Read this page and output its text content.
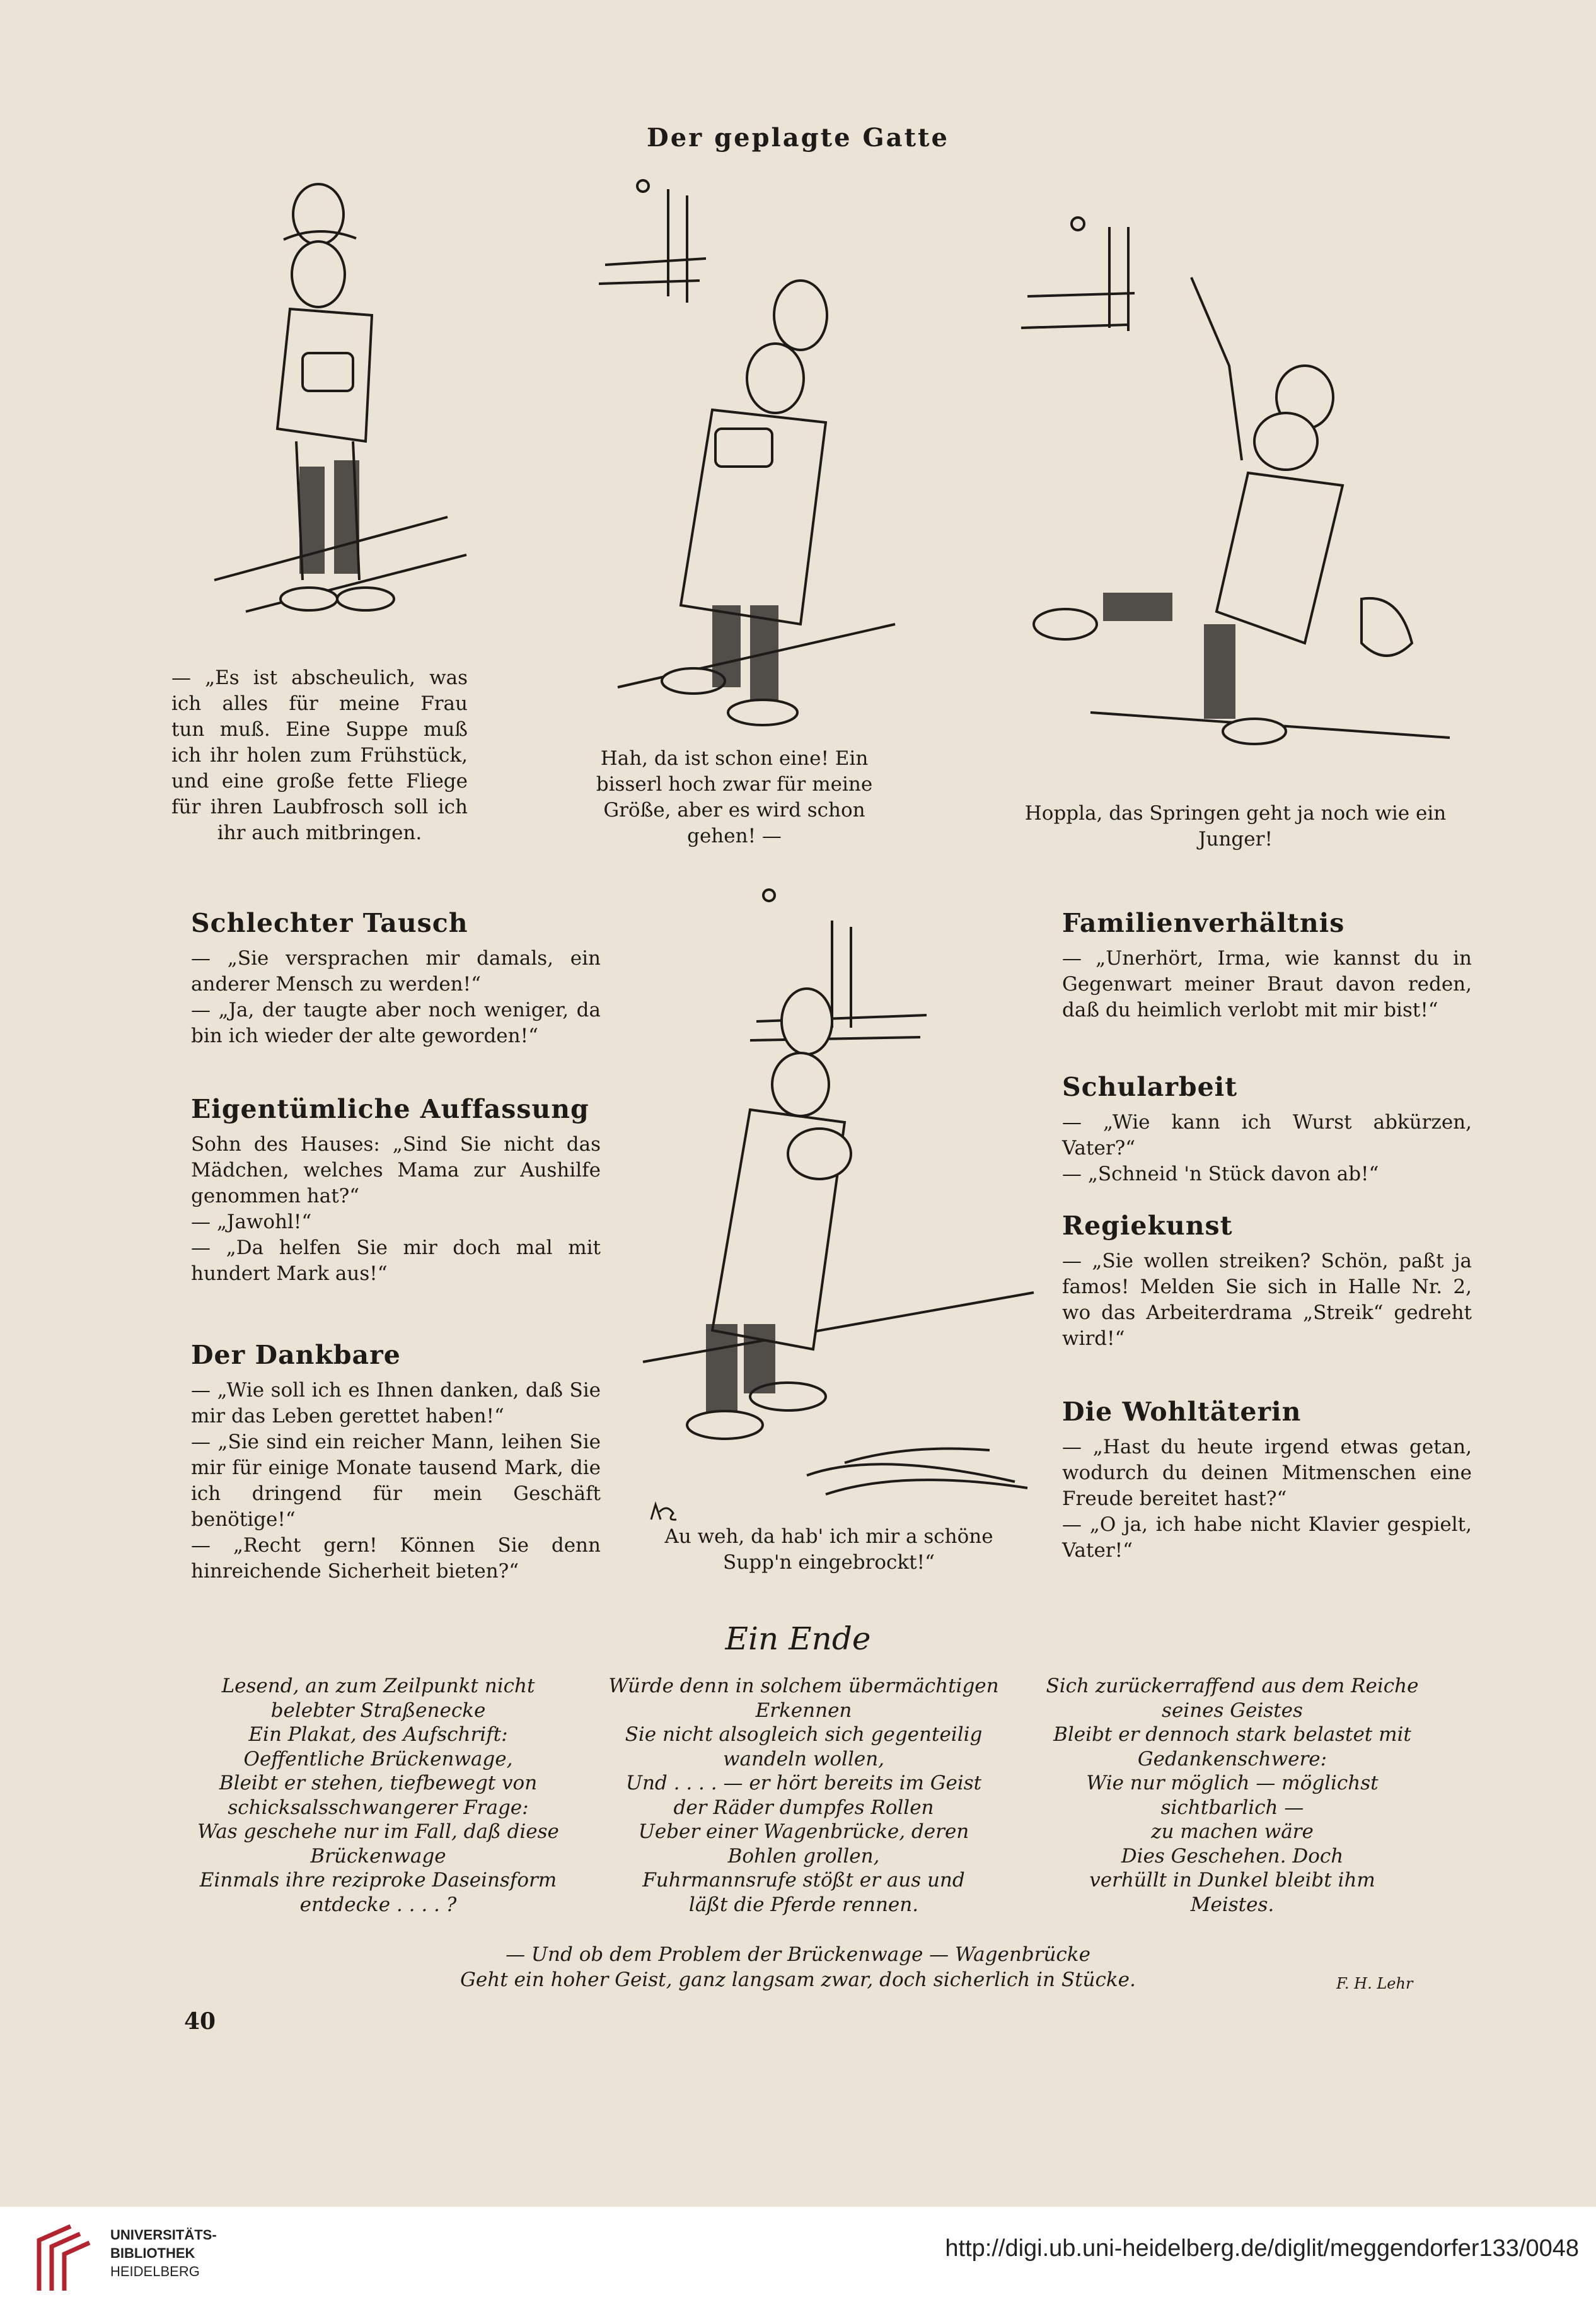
Der geplagte Gatte
— „Es ist abscheulich, was
ich alles für meine Frau
tun muß. Eine Suppe muß
ich ihr holen zum Frühstück,
und eine große fette Fliege
für ihren Laubfrosch soll ich
ihr auch mitbringen.
Hah, da ist schon eine! Ein
bisserl hoch zwar für meine
Größe, aber es wird schon
gehen! —
Hoppla, das Springen geht ja noch wie ein
Junger!
Au weh, da hab' ich mir a schöne
Supp'n eingebrockt!“
Schlechter Tausch

— „Sie versprachen mir damals, ein anderer Mensch zu werden!“

— „Ja, der taugte aber noch weniger, da bin ich wieder der alte geworden!“

Eigentümliche Auffassung

Sohn des Hauses: „Sind Sie nicht das Mädchen, welches Mama zur Aushilfe genommen hat?“

— „Jawohl!“

— „Da helfen Sie mir doch mal mit hundert Mark aus!“

Der Dankbare

— „Wie soll ich es Ihnen danken, daß Sie mir das Leben gerettet haben!“

— „Sie sind ein reicher Mann, leihen Sie mir für einige Monate tausend Mark, die ich dringend für mein Geschäft benötige!“

— „Recht gern! Können Sie denn hinreichende Sicherheit bieten?“

Familienverhältnis

— „Unerhört, Irma, wie kannst du in Gegenwart meiner Braut davon reden, daß du heimlich verlobt mit mir bist!“

Schularbeit

— „Wie kann ich Wurst abkürzen, Vater?“

— „Schneid 'n Stück davon ab!“

Regiekunst

— „Sie wollen streiken? Schön, paßt ja famos! Melden Sie sich in Halle Nr. 2, wo das Arbeiterdrama „Streik“ gedreht wird!“

Die Wohltäterin

— „Hast du heute irgend etwas getan, wodurch du deinen Mitmenschen eine Freude bereitet hast?“

— „O ja, ich habe nicht Klavier gespielt, Vater!“

Ein Ende
Lesend, an zum Zeilpunkt nicht
belebter Straßenecke
Ein Plakat, des Aufschrift:
Oeffentliche Brückenwage,
Bleibt er stehen, tiefbewegt von
schicksalsschwangerer Frage:
Was geschehe nur im Fall, daß diese
Brückenwage
Einmals ihre reziproke Daseinsform
entdecke . . . . ?
Würde denn in solchem übermächtigen
Erkennen
Sie nicht alsogleich sich gegenteilig
wandeln wollen,
Und . . . . — er hört bereits im Geist
der Räder dumpfes Rollen
Ueber einer Wagenbrücke, deren
Bohlen grollen,
Fuhrmannsrufe stößt er aus und
läßt die Pferde rennen.
Sich zurückerraffend aus dem Reiche
seines Geistes
Bleibt er dennoch stark belastet mit
Gedankenschwere:
Wie nur möglich — möglichst
sichtbarlich —
zu machen wäre
Dies Geschehen. Doch
verhüllt in Dunkel bleibt ihm
Meistes.
— Und ob dem Problem der Brückenwage — Wagenbrücke
Geht ein hoher Geist, ganz langsam zwar, doch sicherlich in Stücke.	F. H. Lehr
40
UNIVERSITÄTS-
BIBLIOTHEK
HEIDELBERG
http://digi.ub.uni-heidelberg.de/diglit/meggendorfer133/0048
